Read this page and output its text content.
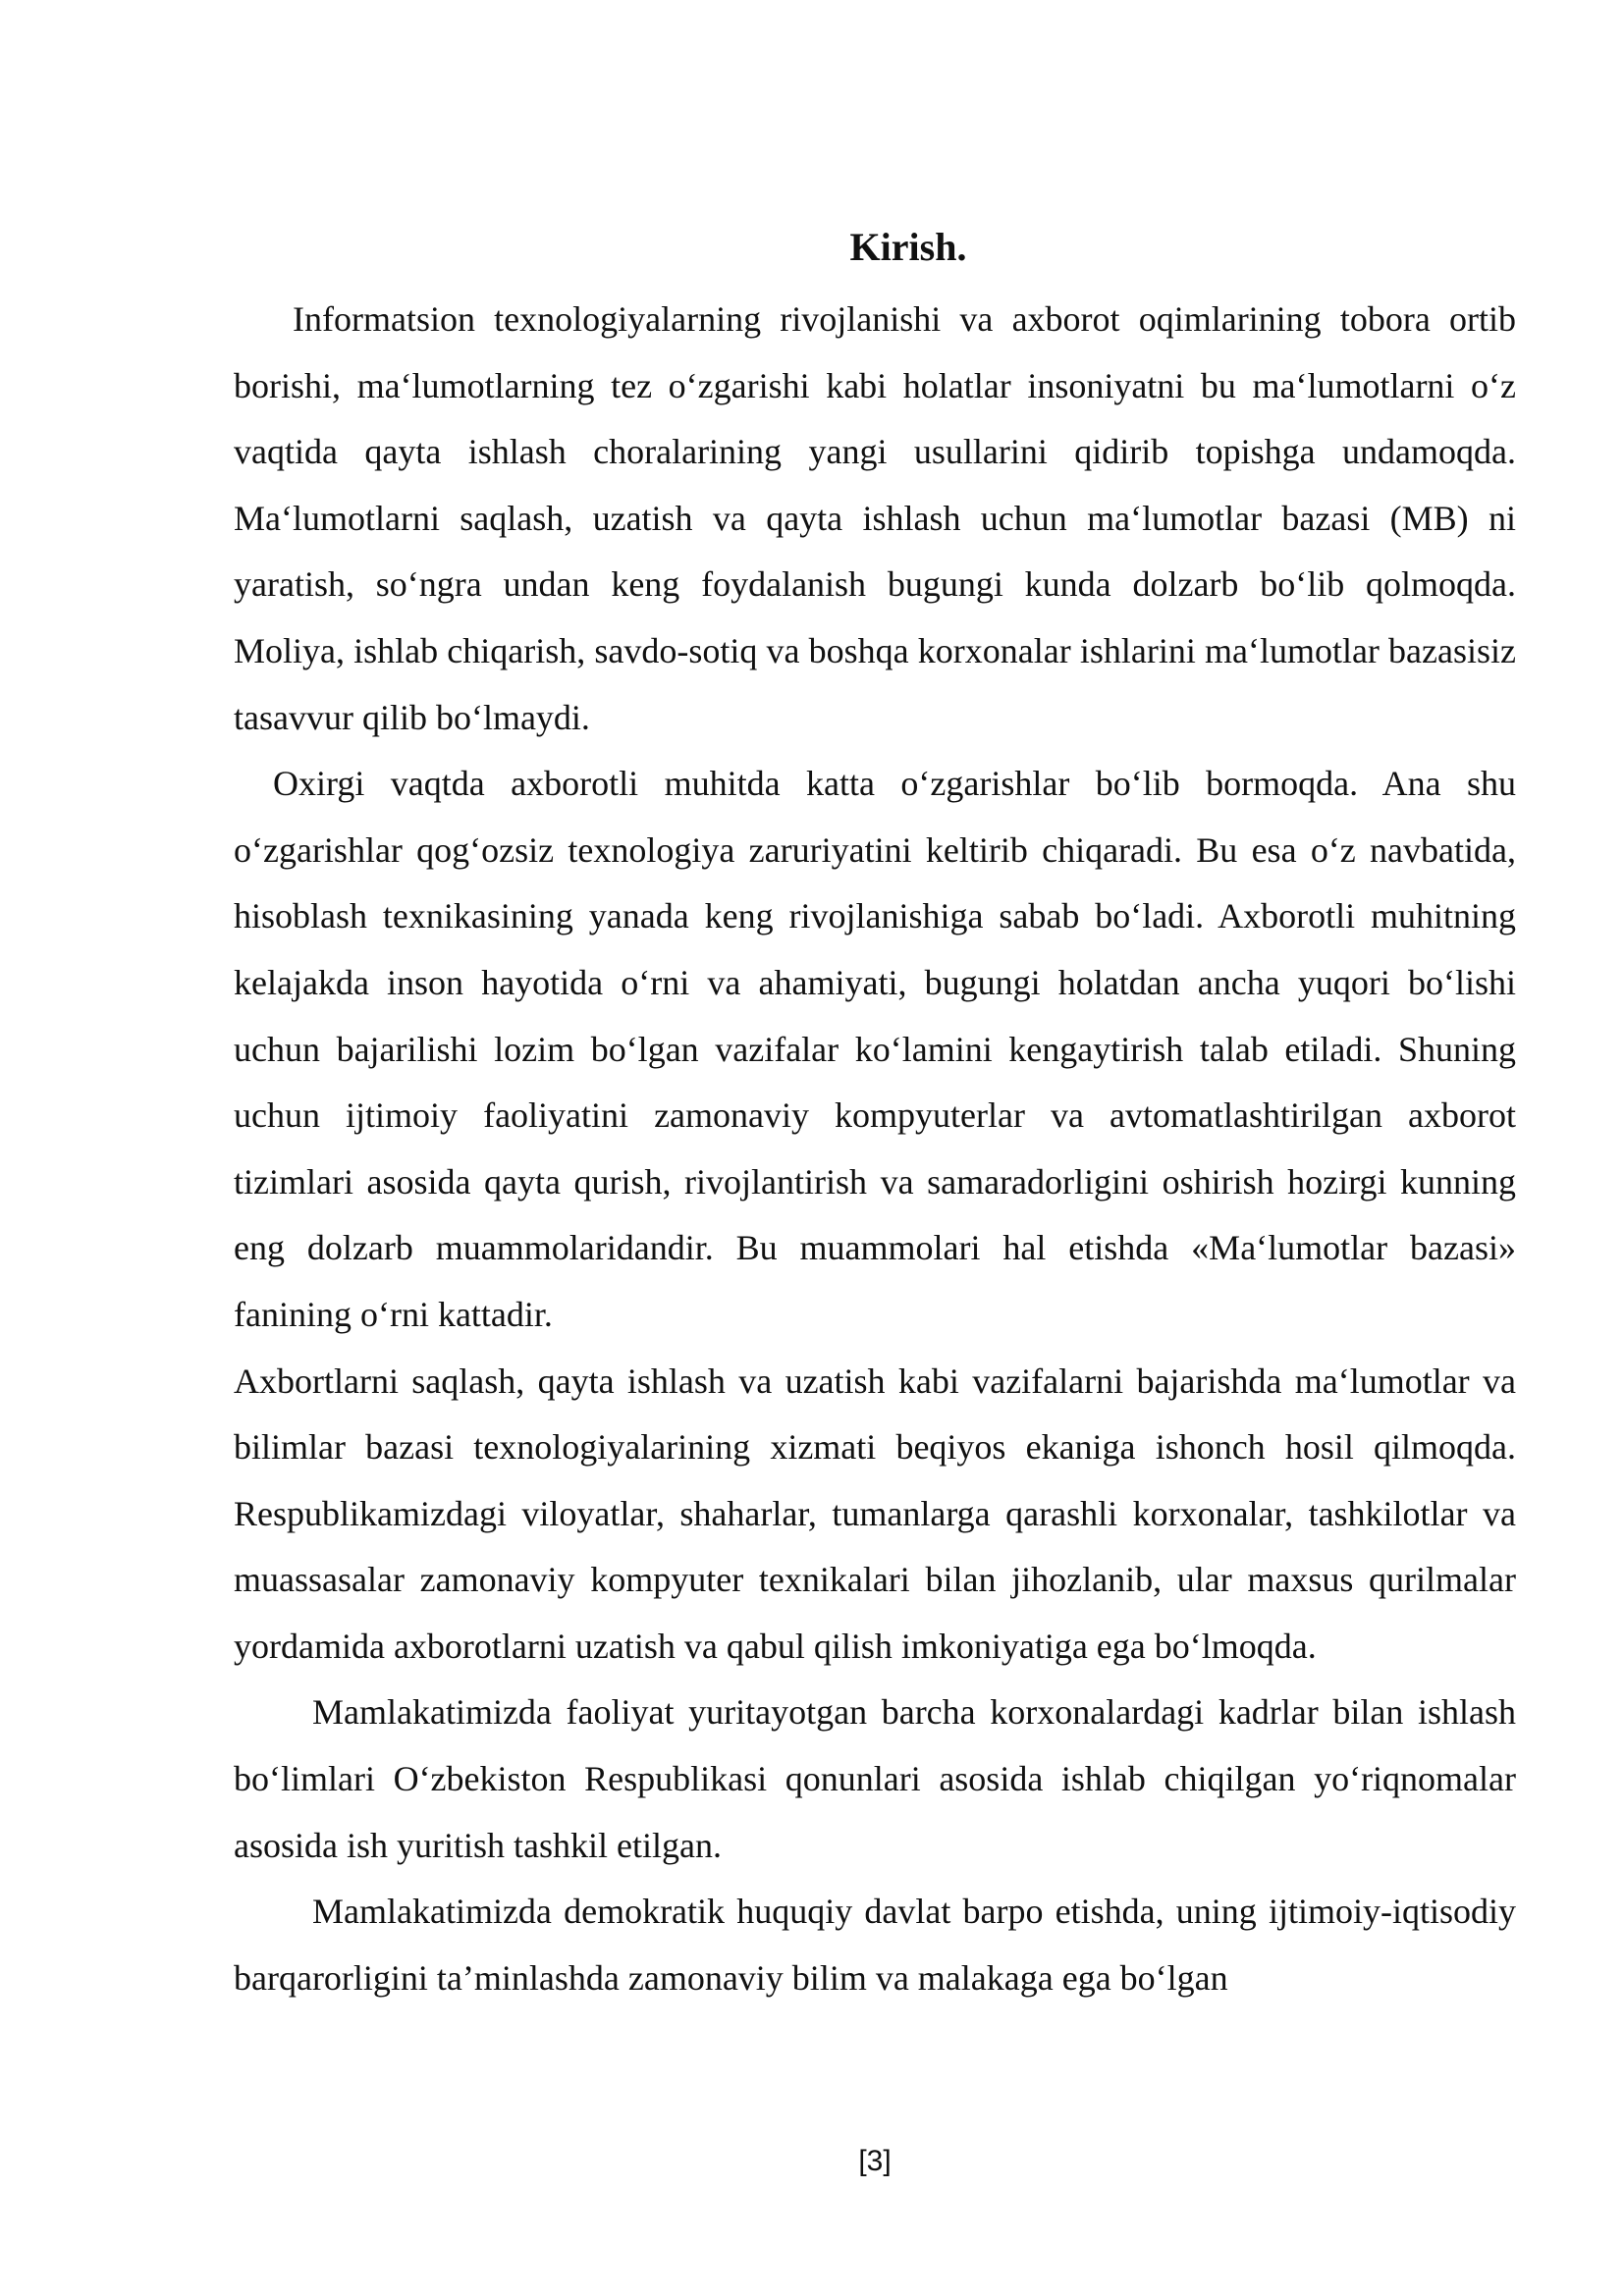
Kirish.

Informatsion texnologiyalarning rivojlanishi va axborot oqimlarining tobora ortib borishi, ma‘lumotlarning tez o‘zgarishi kabi holatlar insoniyatni bu ma‘lumotlarni o‘z vaqtida qayta ishlash choralarining yangi usullarini qidirib topishga undamoqda. Ma‘lumotlarni saqlash, uzatish va qayta ishlash uchun ma‘lumotlar bazasi (MB) ni yaratish, so‘ngra undan keng foydalanish bugungi kunda dolzarb bo‘lib qolmoqda. Moliya, ishlab chiqarish, savdo-sotiq va boshqa korxonalar ishlarini ma‘lumotlar bazasisiz tasavvur qilib bo‘lmaydi.

Oxirgi vaqtda axborotli muhitda katta o‘zgarishlar bo‘lib bormoqda. Ana shu o‘zgarishlar qog‘ozsiz texnologiya zaruriyatini keltirib chiqaradi. Bu esa o‘z navbatida, hisoblash texnikasining yanada keng rivojlanishiga sabab bo‘ladi. Axborotli muhitning kelajakda inson hayotida o‘rni va ahamiyati, bugungi holatdan ancha yuqori bo‘lishi uchun bajarilishi lozim bo‘lgan vazifalar ko‘lamini kengaytirish talab etiladi. Shuning uchun ijtimoiy faoliyatini zamonaviy kompyuterlar va avtomatlashtirilgan axborot tizimlari asosida qayta qurish, rivojlantirish va samaradorligini oshirish hozirgi kunning eng dolzarb muammolaridandir. Bu muammolari hal etishda «Ma‘lumotlar bazasi» fanining o‘rni kattadir.

Axbortlarni saqlash, qayta ishlash va uzatish kabi vazifalarni bajarishda ma‘lumotlar va bilimlar bazasi texnologiyalarining xizmati beqiyos ekaniga ishonch hosil qilmoqda. Respublikamizdagi viloyatlar, shaharlar, tumanlarga qarashli korxonalar, tashkilotlar va muassasalar zamonaviy kompyuter texnikalari bilan jihozlanib, ular maxsus qurilmalar yordamida axborotlarni uzatish va qabul qilish imkoniyatiga ega bo‘lmoqda.

Mamlakatimizda faoliyat yuritayotgan barcha korxonalardagi kadrlar bilan ishlash bo‘limlari O‘zbekiston Respublikasi qonunlari asosida ishlab chiqilgan yo‘riqnomalar asosida ish yuritish tashkil etilgan.

Mamlakatimizda demokratik huquqiy davlat barpo etishda, uning ijtimoiy-iqtisodiy barqarorligini ta’minlashda zamonaviy bilim va malakaga ega bo‘lgan

[3]
